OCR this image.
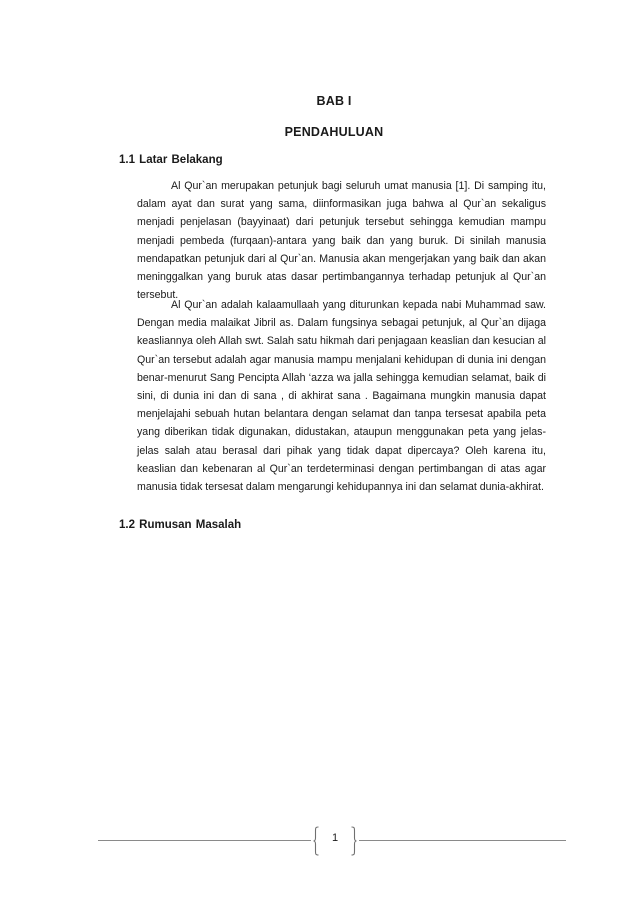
BAB I
PENDAHULUAN
1.1 Latar Belakang

Al Qur`an merupakan petunjuk bagi seluruh umat manusia [1]. Di samping itu, dalam ayat dan surat yang sama, diinformasikan juga bahwa al Qur`an sekaligus menjadi penjelasan (bayyinaat) dari petunjuk tersebut sehingga kemudian mampu menjadi pembeda (furqaan)-antara yang baik dan yang buruk. Di sinilah manusia mendapatkan petunjuk dari al Qur`an. Manusia akan mengerjakan yang baik dan akan meninggalkan yang buruk atas dasar pertimbangannya terhadap petunjuk al Qur`an tersebut.

Al Qur`an adalah kalaamullaah yang diturunkan kepada nabi Muhammad saw. Dengan media malaikat Jibril as. Dalam fungsinya sebagai petunjuk, al Qur`an dijaga keasliannya oleh Allah swt. Salah satu hikmah dari penjagaan keaslian dan kesucian al Qur`an tersebut adalah agar manusia mampu menjalani kehidupan di dunia ini dengan benar-menurut Sang Pencipta Allah ‘azza wa jalla sehingga kemudian selamat, baik di sini, di dunia ini dan di sana , di akhirat sana . Bagaimana mungkin manusia dapat menjelajahi sebuah hutan belantara dengan selamat dan tanpa tersesat apabila peta yang diberikan tidak digunakan, didustakan, ataupun menggunakan peta yang jelas-jelas salah atau berasal dari pihak yang tidak dapat dipercaya? Oleh karena itu, keaslian dan kebenaran al Qur`an terdeterminasi dengan pertimbangan di atas agar manusia tidak tersesat dalam mengarungi kehidupannya ini dan selamat dunia-akhirat.

1.2 Rumusan Masalah
1
